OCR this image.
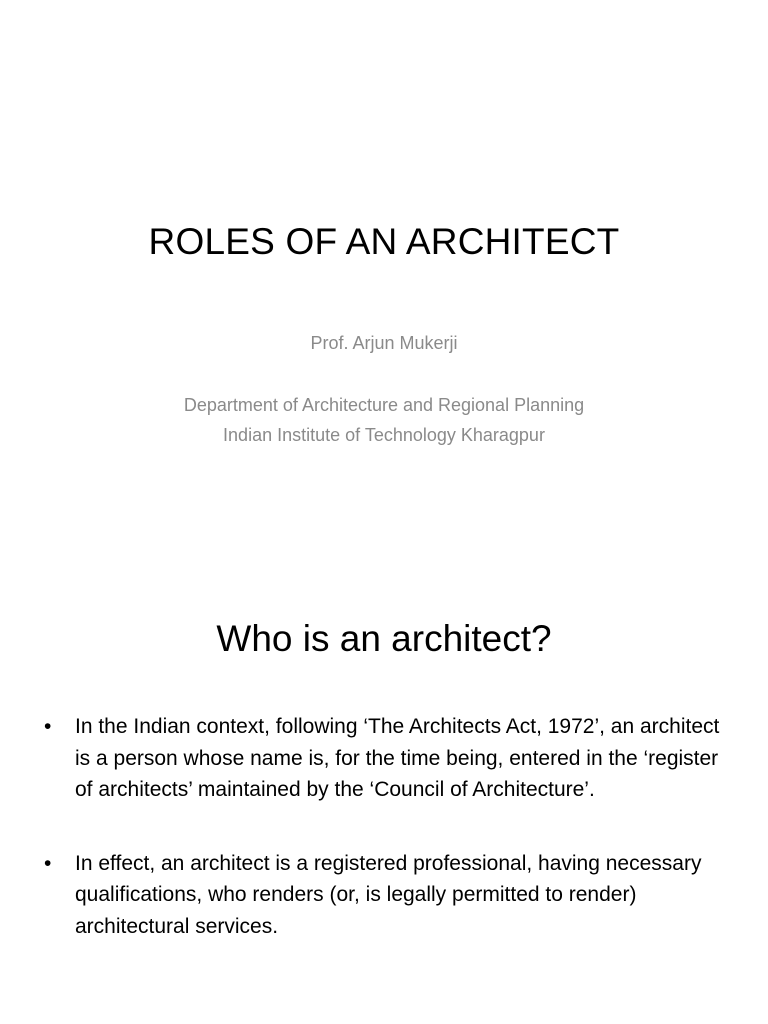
ROLES OF AN ARCHITECT

Prof. Arjun Mukerji

Department of Architecture and Regional Planning
Indian Institute of Technology Kharagpur

Who is an architect?
• In the Indian context, following ‘The Architects Act, 1972’, an architect is a person whose name is, for the time being, entered in the ‘register of architects’ maintained by the ‘Council of Architecture’.
• In effect, an architect is a registered professional, having necessary qualifications, who renders (or, is legally permitted to render) architectural services.
